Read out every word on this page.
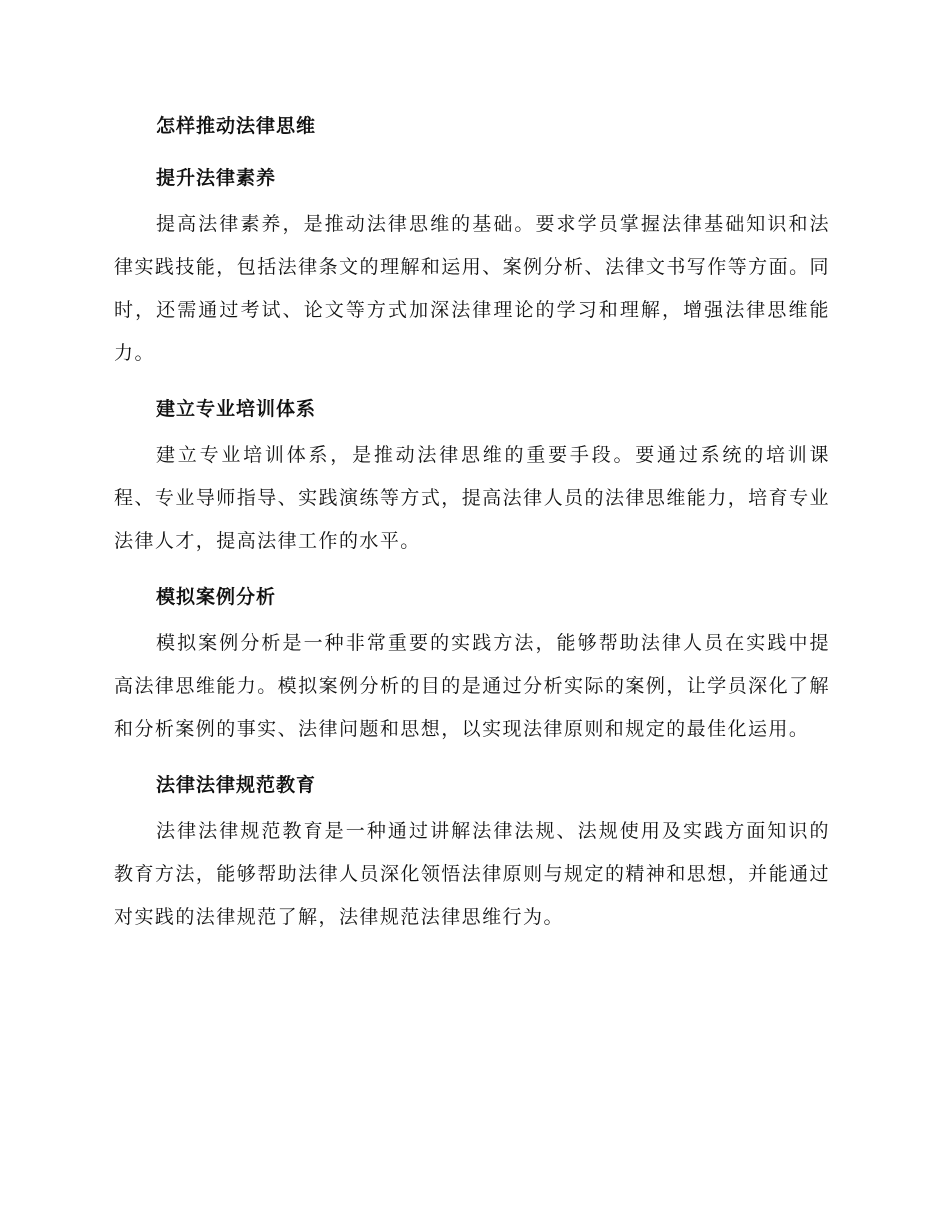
怎样推动法律思维
提升法律素养

提高法律素养，是推动法律思维的基础。要求学员掌握法律基础知识和法律实践技能，包括法律条文的理解和运用、案例分析、法律文书写作等方面。同时，还需通过考试、论文等方式加深法律理论的学习和理解，增强法律思维能力。

建立专业培训体系

建立专业培训体系，是推动法律思维的重要手段。要通过系统的培训课程、专业导师指导、实践演练等方式，提高法律人员的法律思维能力，培育专业法律人才，提高法律工作的水平。

模拟案例分析

模拟案例分析是一种非常重要的实践方法，能够帮助法律人员在实践中提高法律思维能力。模拟案例分析的目的是通过分析实际的案例，让学员深化了解和分析案例的事实、法律问题和思想，以实现法律原则和规定的最佳化运用。

法律法律规范教育

法律法律规范教育是一种通过讲解法律法规、法规使用及实践方面知识的教育方法，能够帮助法律人员深化领悟法律原则与规定的精神和思想，并能通过对实践的法律规范了解，法律规范法律思维行为。
